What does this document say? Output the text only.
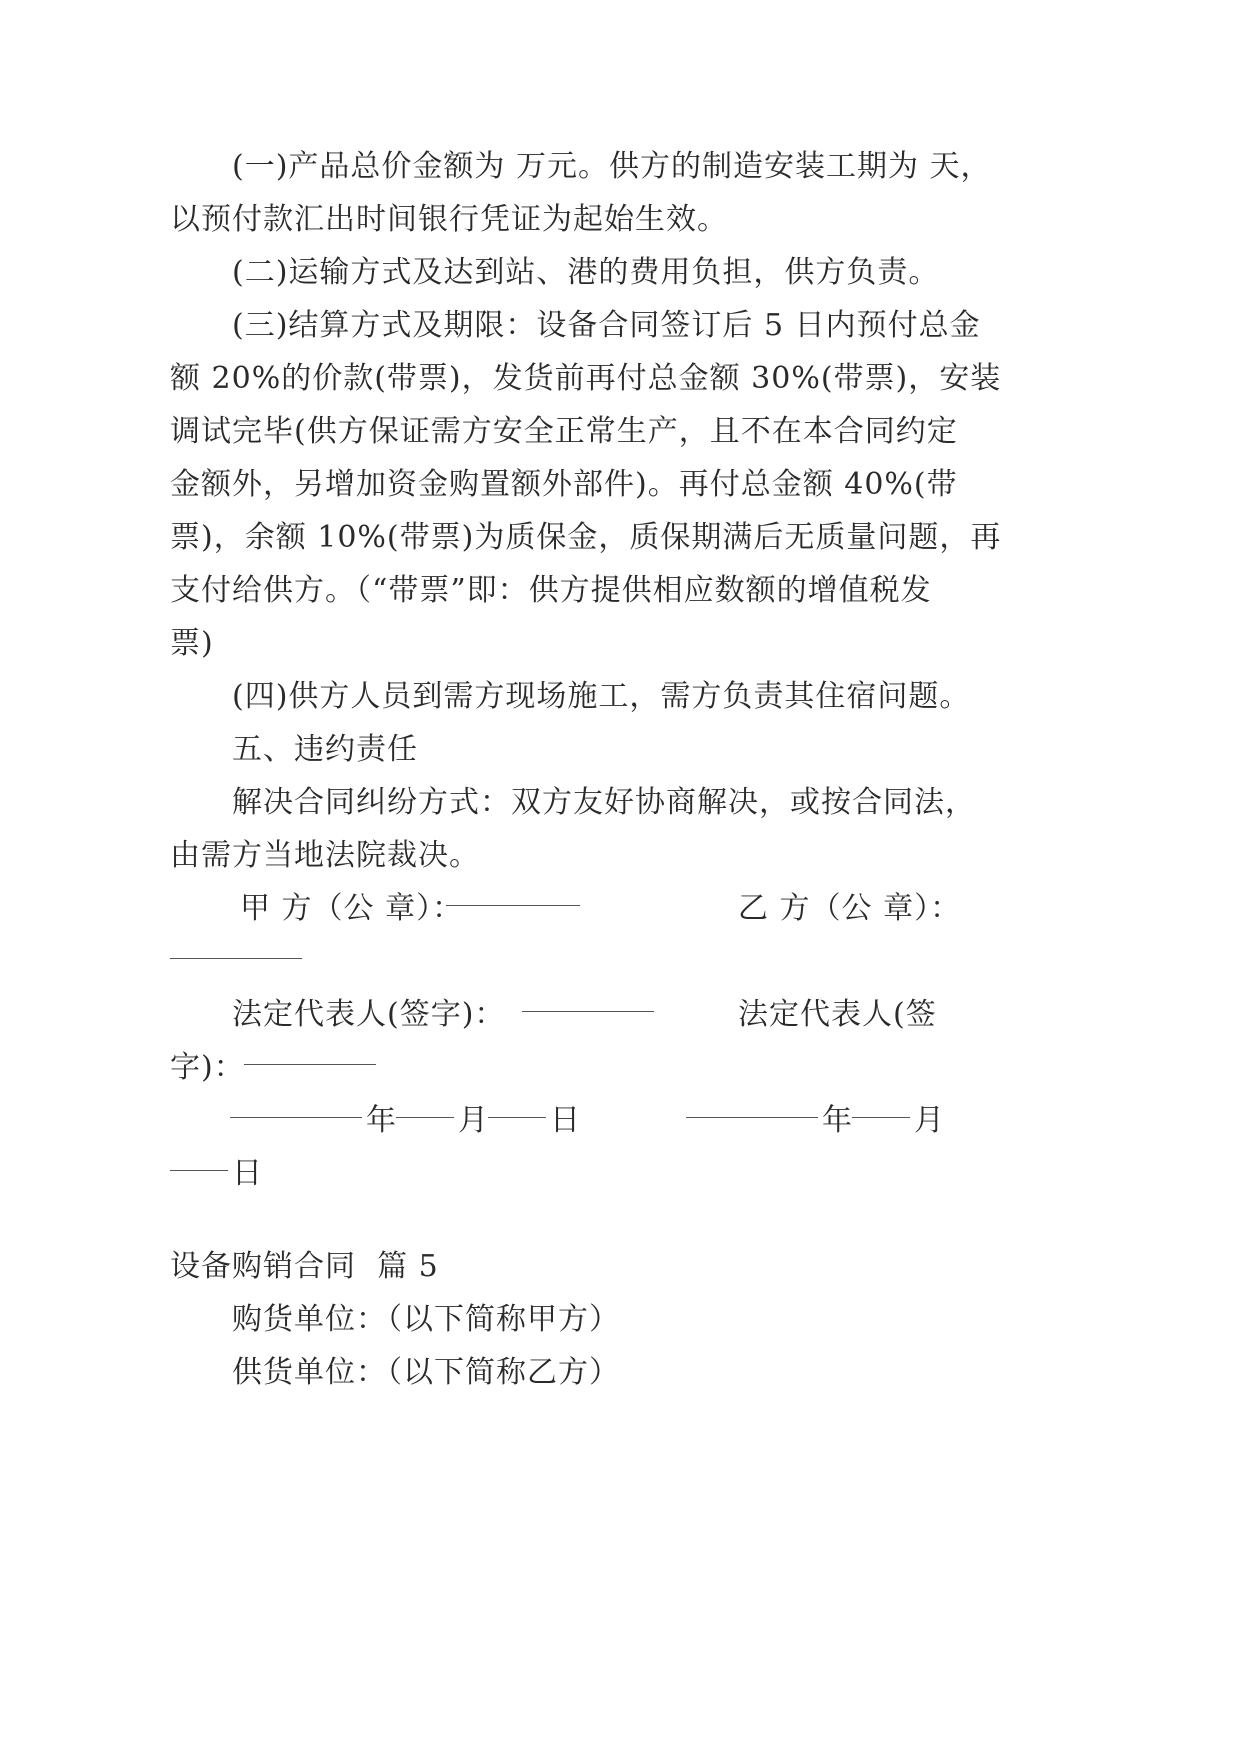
(一)产品总价金额为 万元。供方的制造安装工期为 天，
以预付款汇出时间银行凭证为起始生效。
(二)运输方式及达到站、港的费用负担，供方负责。
(三)结算方式及期限：设备合同签订后 5 日内预付总金
额 20%的价款(带票)，发货前再付总金额 30%(带票)，安装
调试完毕(供方保证需方安全正常生产，且不在本合同约定
金额外，另增加资金购置额外部件)。再付总金额 40%(带
票)，余额 10%(带票)为质保金，质保期满后无质量问题，再
支付给供方。（“带票”即：供方提供相应数额的增值税发
票)
(四)供方人员到需方现场施工，需方负责其住宿问题。
五、违约责任
解决合同纠纷方式：双方友好协商解决，或按合同法，
由需方当地法院裁决。
甲 方（公 章）：	乙 方（公 章）：
法定代表人(签字)：	法定代表人(签
字)：
年 月 日	年 月
日
设备购销合同  篇 5
购货单位：（以下简称甲方）
供货单位：（以下简称乙方）
